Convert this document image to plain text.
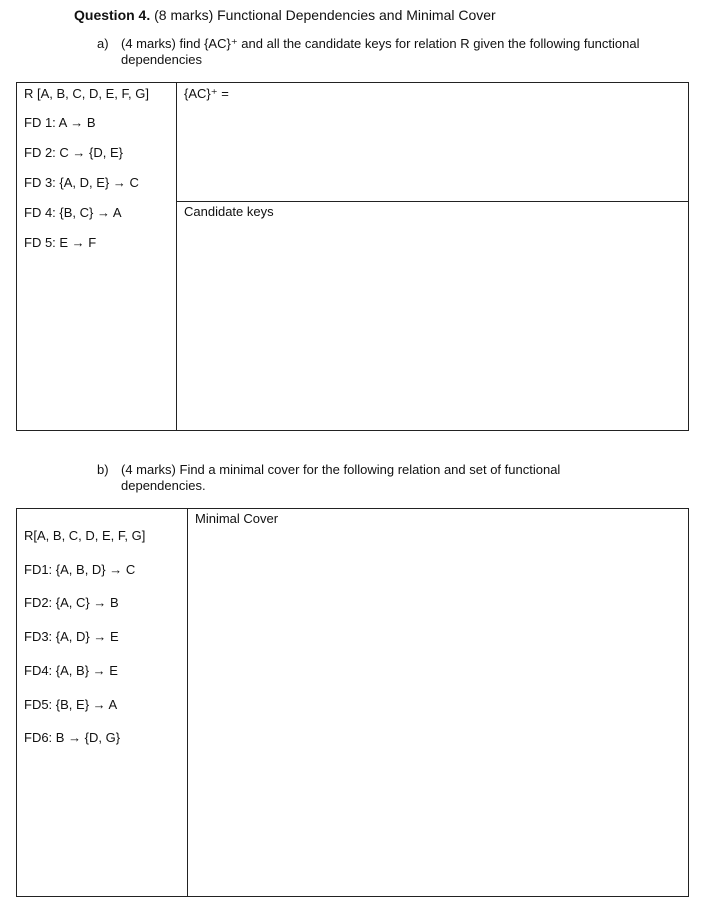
Question 4. (8 marks) Functional Dependencies and Minimal Cover
a) (4 marks) find {AC}⁺ and all the candidate keys for relation R given the following functional dependencies
R [A, B, C, D, E, F, G]
FD 1: A → B
FD 2: C → {D, E}
FD 3: {A, D, E} → C
FD 4: {B, C} → A
FD 5: E → F
{AC}⁺ =
Candidate keys
b) (4 marks) Find a minimal cover for the following relation and set of functional dependencies.
R[A, B, C, D, E, F, G]
FD1: {A, B, D} → C
FD2: {A, C} → B
FD3: {A, D} → E
FD4: {A, B} → E
FD5: {B, E} → A
FD6: B → {D, G}
Minimal Cover
